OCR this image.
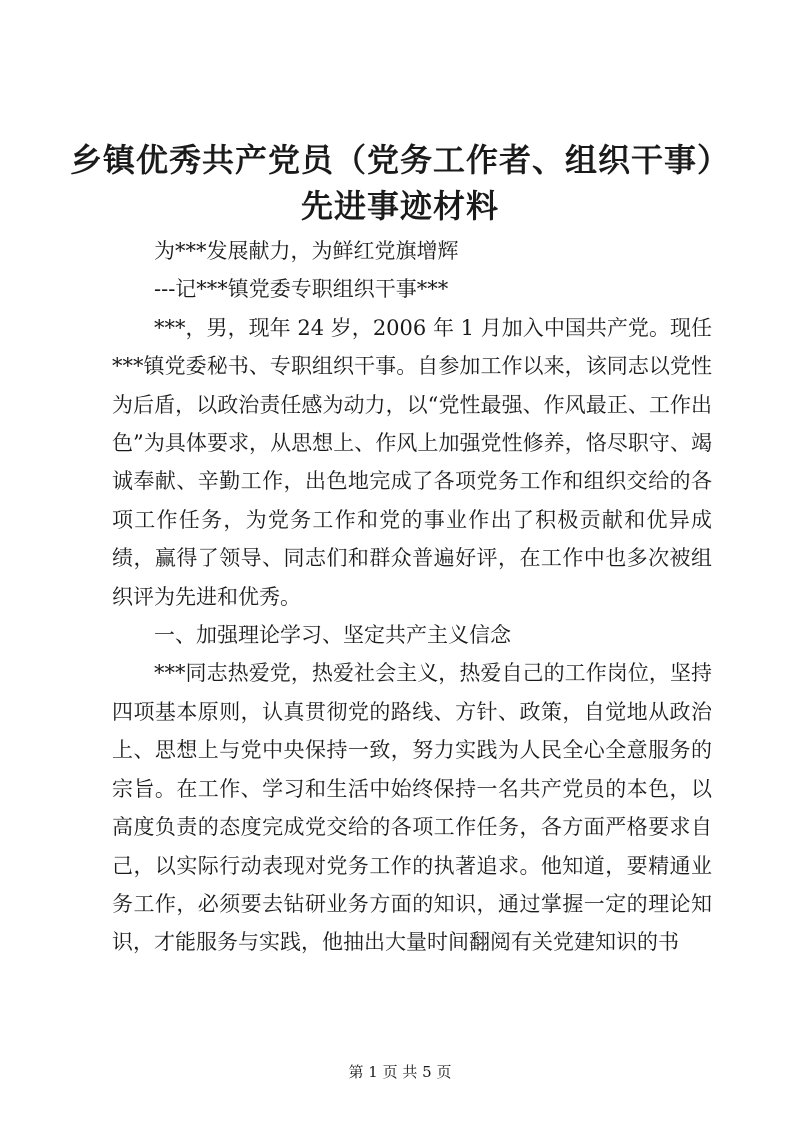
乡镇优秀共产党员（党务工作者、组织干事）
先进事迹材料

为***发展献力，为鲜红党旗增辉

---记***镇党委专职组织干事***

***，男，现年 24 岁，2006 年 1 月加入中国共产党。现任***镇党委秘书、专职组织干事。自参加工作以来，该同志以党性为后盾，以政治责任感为动力，以“党性最强、作风最正、工作出色”为具体要求，从思想上、作风上加强党性修养，恪尽职守、竭诚奉献、辛勤工作，出色地完成了各项党务工作和组织交给的各项工作任务，为党务工作和党的事业作出了积极贡献和优异成绩，赢得了领导、同志们和群众普遍好评，在工作中也多次被组织评为先进和优秀。

一、加强理论学习、坚定共产主义信念

***同志热爱党，热爱社会主义，热爱自己的工作岗位，坚持四项基本原则，认真贯彻党的路线、方针、政策，自觉地从政治上、思想上与党中央保持一致，努力实践为人民全心全意服务的宗旨。在工作、学习和生活中始终保持一名共产党员的本色，以高度负责的态度完成党交给的各项工作任务，各方面严格要求自己，以实际行动表现对党务工作的执著追求。他知道，要精通业务工作，必须要去钻研业务方面的知识，通过掌握一定的理论知识，才能服务与实践，他抽出大量时间翻阅有关党建知识的书

第 1 页 共 5 页
